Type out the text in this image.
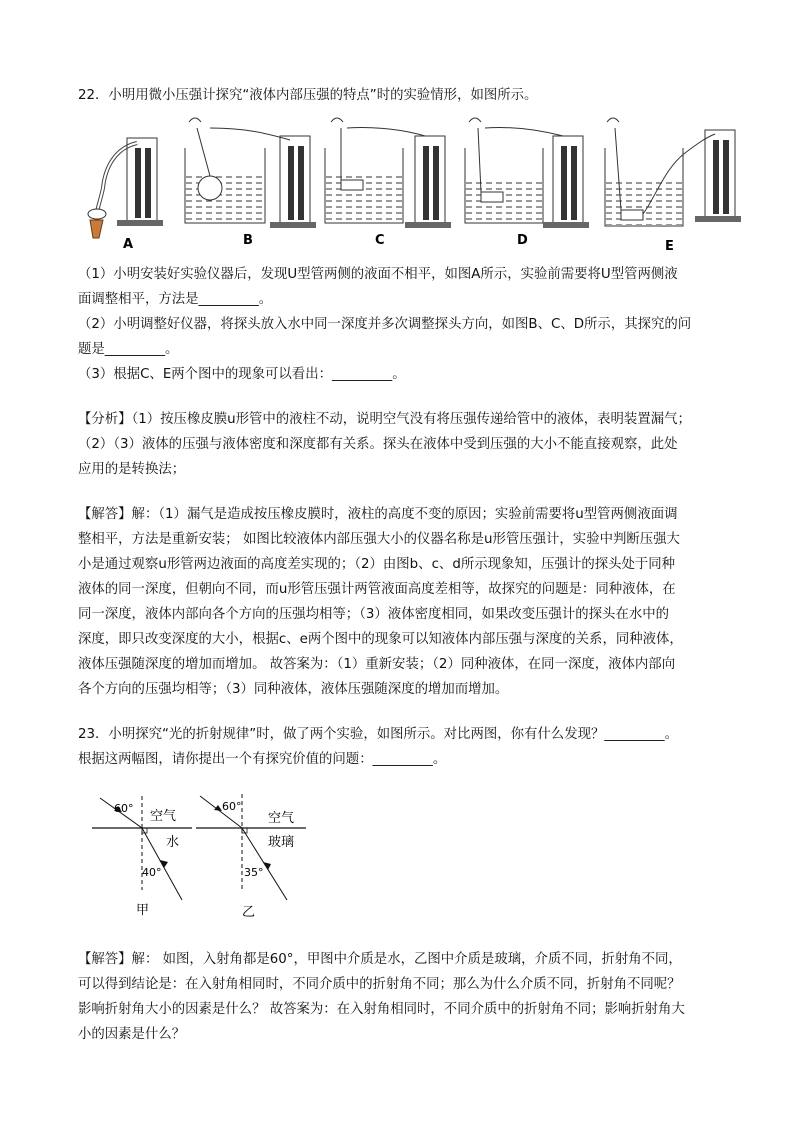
22．小明用微小压强计探究“液体内部压强的特点”时的实验情形，如图所示。
A	B	C	D	E
（1）小明安装好实验仪器后，发现U型管两侧的液面不相平，如图A所示，实验前需要将U型管两侧液
面调整相平，方法是_________。
（2）小明调整好仪器，将探头放入水中同一深度并多次调整探头方向，如图B、C、D所示，其探究的问
题是_________。
（3）根据C、E两个图中的现象可以看出：_________。
【分析】（1）按压橡皮膜u形管中的液柱不动，说明空气没有将压强传递给管中的液体，表明装置漏气；
（2）（3）液体的压强与液体密度和深度都有关系。探头在液体中受到压强的大小不能直接观察，此处
应用的是转换法；
【解答】解：（1）漏气是造成按压橡皮膜时，液柱的高度不变的原因；实验前需要将u型管两侧液面调
整相平，方法是重新安装； 如图比较液体内部压强大小的仪器名称是u形管压强计，实验中判断压强大
小是通过观察u形管两边液面的高度差实现的；（2）由图b、c、d所示现象知，压强计的探头处于同种
液体的同一深度，但朝向不同，而u形管压强计两管液面高度差相等，故探究的问题是：同种液体，在
同一深度，液体内部向各个方向的压强均相等；（3）液体密度相同，如果改变压强计的探头在水中的
深度，即只改变深度的大小，根据c、e两个图中的现象可以知液体内部压强与深度的关系，同种液体，
液体压强随深度的增加而增加。 故答案为：（1）重新安装；（2）同种液体，在同一深度，液体内部向
各个方向的压强均相等；（3）同种液体，液体压强随深度的增加而增加。
23．小明探究“光的折射规律”时，做了两个实验，如图所示。对比两图，你有什么发现？_________。
根据这两幅图，请你提出一个有探究价值的问题：_________。
60°
空气
水
40°
甲
60°
空气
玻璃
35°
乙
【解答】解： 如图，入射角都是60°，甲图中介质是水，乙图中介质是玻璃，介质不同，折射角不同，
可以得到结论是：在入射角相同时，不同介质中的折射角不同；那么为什么介质不同，折射角不同呢？
影响折射角大小的因素是什么？ 故答案为：在入射角相同时，不同介质中的折射角不同；影响折射角大
小的因素是什么？
